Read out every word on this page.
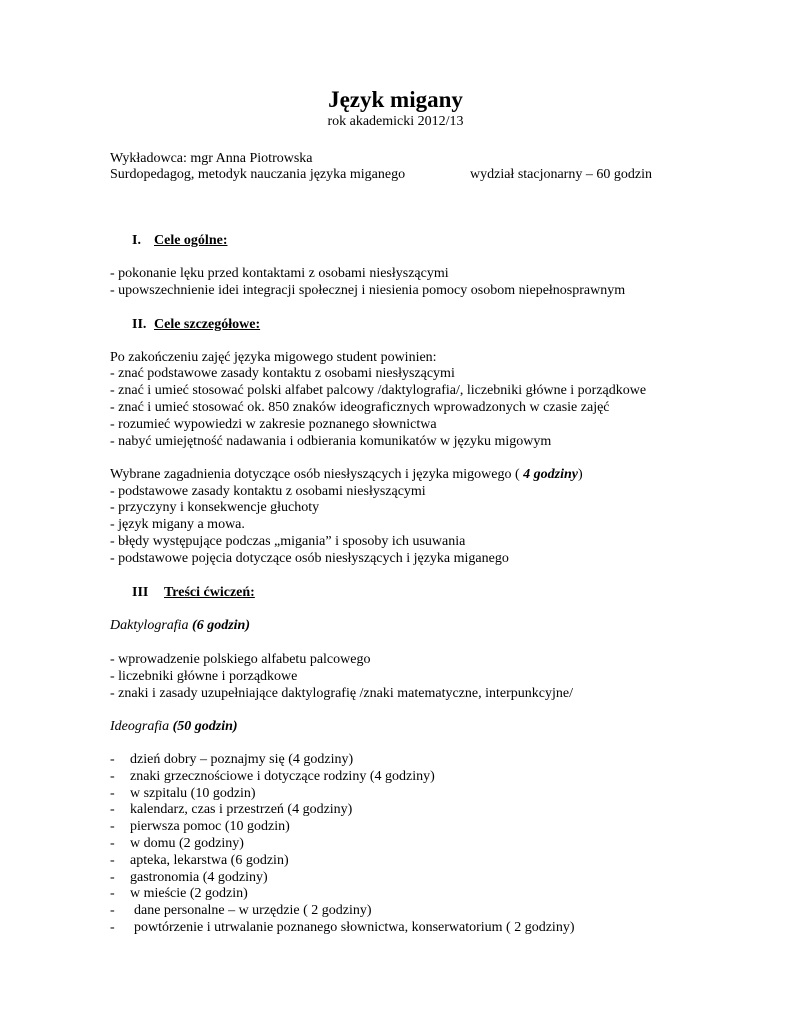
Język migany
rok akademicki 2012/13
Wykładowca: mgr Anna Piotrowska
Surdopedagog, metodyk nauczania języka miganego	wydział stacjonarny – 60 godzin
I. Cele ogólne:
- pokonanie lęku przed kontaktami z osobami niesłyszącymi
- upowszechnienie idei integracji społecznej i niesienia pomocy osobom niepełnosprawnym
II. Cele szczegółowe:
Po zakończeniu zajęć języka migowego student powinien:
- znać podstawowe zasady kontaktu z osobami niesłyszącymi
- znać i umieć stosować polski alfabet palcowy /daktylografia/, liczebniki główne i porządkowe
- znać i umieć stosować ok. 850 znaków ideograficznych wprowadzonych w czasie zajęć
- rozumieć wypowiedzi w zakresie poznanego słownictwa
- nabyć umiejętność nadawania i odbierania komunikatów w języku migowym
Wybrane zagadnienia dotyczące osób niesłyszących i języka migowego ( 4 godziny)
- podstawowe zasady kontaktu z osobami niesłyszącymi
- przyczyny i konsekwencje głuchoty
- język migany a mowa.
- błędy występujące podczas „migania” i sposoby ich usuwania
- podstawowe pojęcia dotyczące osób niesłyszących i języka miganego
III Treści ćwiczeń:
Daktylografia (6 godzin)
- wprowadzenie polskiego alfabetu palcowego
- liczebniki główne i porządkowe
- znaki i zasady uzupełniające daktylografię /znaki matematyczne, interpunkcyjne/
Ideografia (50 godzin)
- dzień dobry – poznajmy się (4 godziny)
- znaki grzecznościowe i dotyczące rodziny (4 godziny)
- w szpitalu (10 godzin)
- kalendarz, czas i przestrzeń (4 godziny)
- pierwsza pomoc (10 godzin)
- w domu (2 godziny)
- apteka, lekarstwa (6 godzin)
- gastronomia (4 godziny)
- w mieście (2 godzin)
- dane personalne – w urzędzie ( 2 godziny)
- powtórzenie i utrwalanie poznanego słownictwa, konserwatorium ( 2 godziny)
